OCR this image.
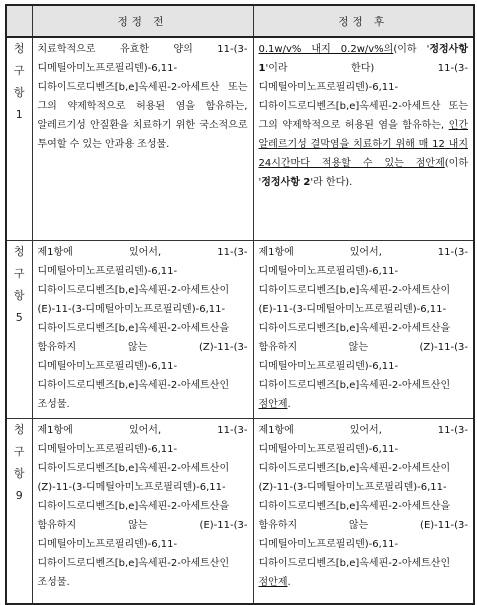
	정정 전	정정 후

청
구
항
1	치료학적으로 유효한 양의 11-(3-디메틸아미노프로필리덴)-6,11-디하이드로디벤즈[b,e]옥세핀-2-아세트산 또는 그의 약제학적으로 허용된 염을 함유하는, 알레르기성 안질환을 치료하기 위한 국소적으로 투여할 수 있는 안과용 조성물.	0.1w/v% 내지 0.2w/v%의(이하 '정정사항 1'이라 한다) 11-(3-디메틸아미노프로필리덴)-6,11-디하이드로디벤즈[b,e]옥세핀-2-아세트산 또는 그의 약제학적으로 허용된 염을 함유하는, 인간 알레르기성 결막염을 치료하기 위해 매 12 내지 24시간마다 적용할 수 있는 점안제(이하 '정정사항 2'라 한다).

청
구
항
5	제1항에 있어서, 11-(3-디메틸아미노프로필리덴)-6,11-디하이드로디벤즈[b,e]옥세핀-2-아세트산이 (E)-11-(3-디메틸아미노프로필리덴)-6,11-디하이드로디벤즈[b,e]옥세핀-2-아세트산을 함유하지 않는 (Z)-11-(3-디메틸아미노프로필리덴)-6,11-디하이드로디벤즈[b,e]옥세핀-2-아세트산인 조성물.	제1항에 있어서, 11-(3-디메틸아미노프로필리덴)-6,11-디하이드로디벤즈[b,e]옥세핀-2-아세트산이 (E)-11-(3-디메틸아미노프로필리덴)-6,11-디하이드로디벤즈[b,e]옥세핀-2-아세트산을 함유하지 않는 (Z)-11-(3-디메틸아미노프로필리덴)-6,11-디하이드로디벤즈[b,e]옥세핀-2-아세트산인 점안제.

청
구
항
9	제1항에 있어서, 11-(3-디메틸아미노프로필리덴)-6,11-디하이드로디벤즈[b,e]옥세핀-2-아세트산이 (Z)-11-(3-디메틸아미노프로필리덴)-6,11-디하이드로디벤즈[b,e]옥세핀-2-아세트산을 함유하지 않는 (E)-11-(3-디메틸아미노프로필리덴)-6,11-디하이드로디벤즈[b,e]옥세핀-2-아세트산인 조성물.	제1항에 있어서, 11-(3-디메틸아미노프로필리덴)-6,11-디하이드로디벤즈[b,e]옥세핀-2-아세트산이 (Z)-11-(3-디메틸아미노프로필리덴)-6,11-디하이드로디벤즈[b,e]옥세핀-2-아세트산을 함유하지 않는 (E)-11-(3-디메틸아미노프로필리덴)-6,11-디하이드로디벤즈[b,e]옥세핀-2-아세트산인 점안제.
